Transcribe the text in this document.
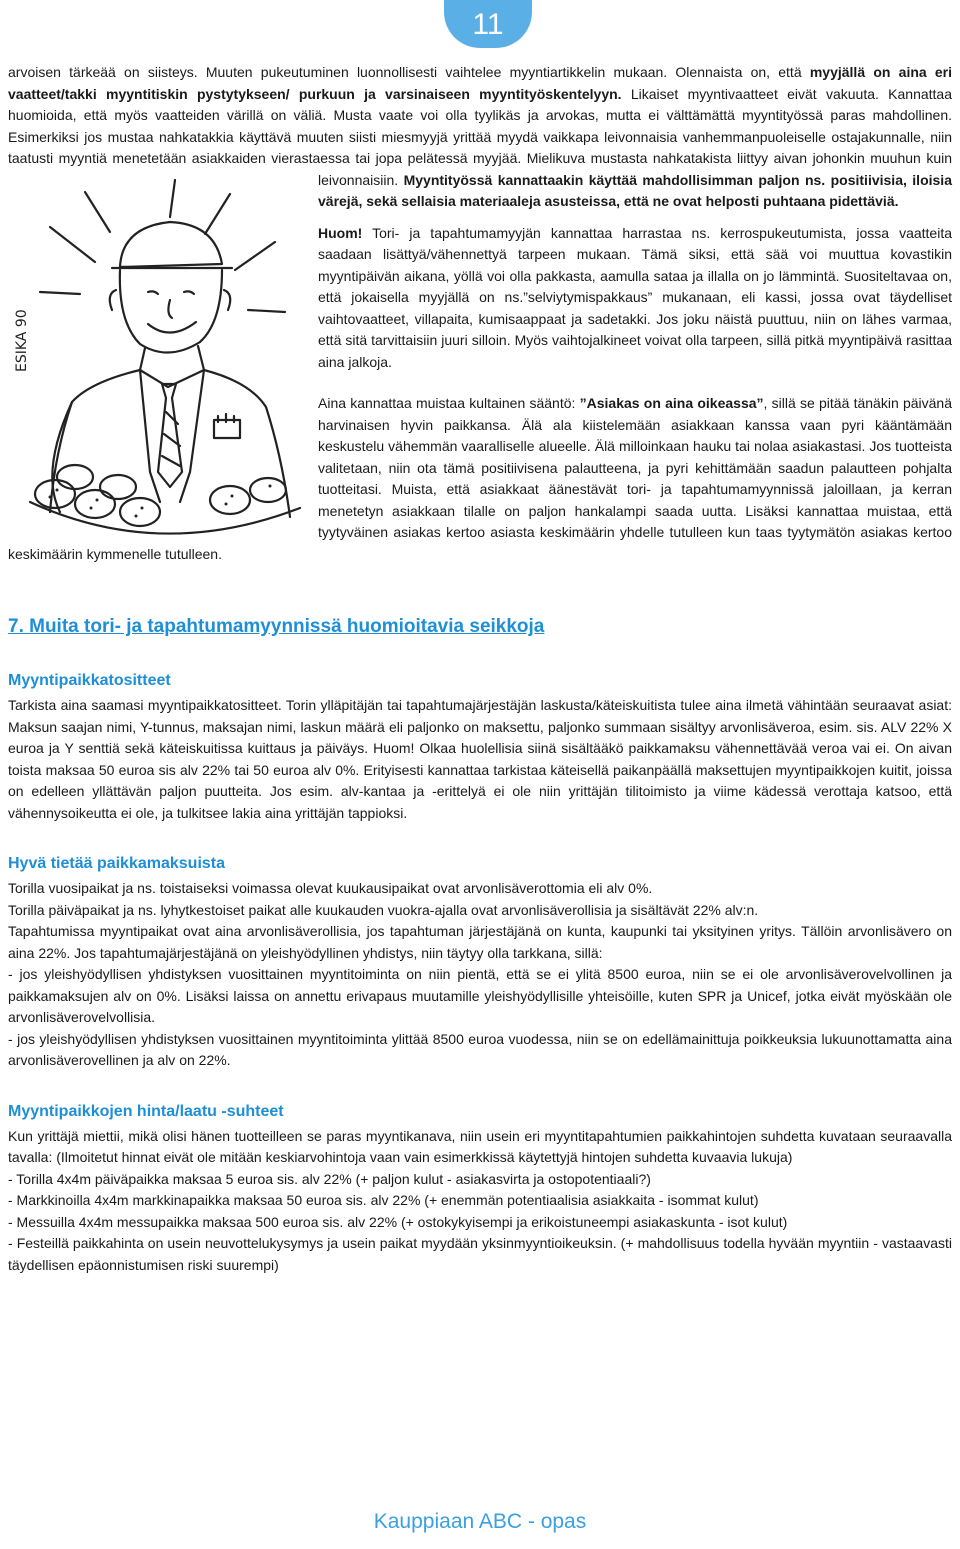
11

arvoisen tärkeää on siisteys. Muuten pukeutuminen luonnollisesti vaihtelee myyntiartikkelin mukaan. Olennaista on, että myyjällä on aina eri vaatteet/takki myyntitiskin pystytykseen/ purkuun ja varsinaiseen myyntityöskentelyyn. Likaiset myyntivaatteet eivät vakuuta. Kannattaa huomioida, että myös vaatteiden värillä on väliä. Musta vaate voi olla tyylikäs ja arvokas, mutta ei välttämättä myyntityössä paras mahdollinen. Esimerkiksi jos mustaa nahkatakkia käyttävä muuten siisti miesmyyjä yrittää myydä vaikkapa leivonnaisia vanhemmanpuoleiselle ostajakunnalle, niin taatusti myyntiä menetetään asiakkaiden vierastaessa tai jopa pelätessä myyjää. Mielikuva mustasta nahkatakista liittyy aivan johonkin muuhun kuin leivonnaisiin.
ESIKA 90
Myyntityössä kannattaakin käyttää mahdollisimman paljon ns. positiivisia, iloisia värejä, sekä sellaisia materiaaleja asusteissa, että ne ovat helposti puhtaana pidettäviä.

Huom! Tori- ja tapahtumamyyjän kannattaa harrastaa ns. kerrospukeutumista, jossa vaatteita saadaan lisättyä/vähennettyä tarpeen mukaan. Tämä siksi, että sää voi muuttua kovastikin myyntipäivän aikana, yöllä voi olla pakkasta, aamulla sataa ja illalla on jo lämmintä. Suositeltavaa on, että jokaisella myyjällä on ns.”selviytymispakkaus” mukanaan, eli kassi, jossa ovat täydelliset vaihtovaatteet, villapaita, kumisaappaat ja sadetakki. Jos joku näistä puuttuu, niin on lähes varmaa, että sitä tarvittaisiin juuri silloin. Myös vaihtojalkineet voivat olla tarpeen, sillä pitkä myyntipäivä rasittaa aina jalkoja.

Aina kannattaa muistaa kultainen sääntö: ”Asiakas on aina oikeassa”, sillä se pitää tänäkin päivänä harvinaisen hyvin paikkansa. Älä ala kiistelemään asiakkaan kanssa vaan pyri kääntämään keskustelu vähemmän vaaralliselle alueelle. Älä milloinkaan hauku tai nolaa asiakastasi. Jos tuotteista valitetaan, niin ota tämä positiivisena palautteena, ja pyri kehittämään saadun palautteen pohjalta tuotteitasi. Muista, että asiakkaat äänestävät tori- ja tapahtumamyynnissä jaloillaan, ja kerran menetetyn asiakkaan tilalle on paljon hankalampi saada uutta. Lisäksi kannattaa muistaa, että tyytyväinen asiakas kertoo asiasta keskimäärin yhdelle tutulleen kun taas tyytymätön asiakas kertoo keskimäärin kymmenelle tutulleen.

7. Muita tori- ja tapahtumamyynnissä huomioitavia seikkoja
Myyntipaikkatositteet

Tarkista aina saamasi myyntipaikkatositteet. Torin ylläpitäjän tai tapahtumajärjestäjän laskusta/käteiskuitista tulee aina ilmetä vähintään seuraavat asiat: Maksun saajan nimi, Y-tunnus, maksajan nimi, laskun määrä eli paljonko on maksettu, paljonko summaan sisältyy arvonlisäveroa, esim. sis. ALV 22% X euroa ja Y senttiä sekä käteiskuitissa kuittaus ja päiväys. Huom! Olkaa huolellisia siinä sisältääkö paikkamaksu vähennettävää veroa vai ei. On aivan toista maksaa 50 euroa sis alv 22% tai 50 euroa alv 0%. Erityisesti kannattaa tarkistaa käteisellä paikanpäällä maksettujen myyntipaikkojen kuitit, joissa on edelleen yllättävän paljon puutteita. Jos esim. alv-kantaa ja -erittelyä ei ole niin yrittäjän tilitoimisto ja viime kädessä verottaja katsoo, että vähennysoikeutta ei ole, ja tulkitsee lakia aina yrittäjän tappioksi.

Hyvä tietää paikkamaksuista

Torilla vuosipaikat ja ns. toistaiseksi voimassa olevat kuukausipaikat ovat arvonlisäverottomia eli alv 0%.

Torilla päiväpaikat ja ns. lyhytkestoiset paikat alle kuukauden vuokra-ajalla ovat arvonlisäverollisia ja sisältävät 22% alv:n.

Tapahtumissa myyntipaikat ovat aina arvonlisäverollisia, jos tapahtuman järjestäjänä on kunta, kaupunki tai yksityinen yritys. Tällöin arvonlisävero on aina 22%. Jos tapahtumajärjestäjänä on yleishyödyllinen yhdistys, niin täytyy olla tarkkana, sillä:

- jos yleishyödyllisen yhdistyksen vuosittainen myyntitoiminta on niin pientä, että se ei ylitä 8500 euroa, niin se ei ole arvonlisäverovelvollinen ja paikkamaksujen alv on 0%. Lisäksi laissa on annettu erivapaus muutamille yleishyödyllisille yhteisöille, kuten SPR ja Unicef, jotka eivät myöskään ole arvonlisäverovelvollisia.

- jos yleishyödyllisen yhdistyksen vuosittainen myyntitoiminta ylittää 8500 euroa vuodessa, niin se on edellämainittuja poikkeuksia lukuunottamatta aina arvonlisäverovellinen ja alv on 22%.

Myyntipaikkojen hinta/laatu -suhteet

Kun yrittäjä miettii, mikä olisi hänen tuotteilleen se paras myyntikanava, niin usein eri myyntitapahtumien paikkahintojen suhdetta kuvataan seuraavalla tavalla: (Ilmoitetut hinnat eivät ole mitään keskiarvohintoja vaan vain esimerkkissä käytettyjä hintojen suhdetta kuvaavia lukuja)

- Torilla 4x4m päiväpaikka maksaa 5 euroa sis. alv 22% (+ paljon kulut - asiakasvirta ja ostopotentiaali?)

- Markkinoilla 4x4m markkinapaikka maksaa 50 euroa sis. alv 22% (+ enemmän potentiaalisia asiakkaita - isommat kulut)

- Messuilla 4x4m messupaikka maksaa 500 euroa sis. alv 22% (+ ostokykyisempi ja erikoistuneempi asiakaskunta - isot kulut)

- Festeillä paikkahinta on usein neuvottelukysymys ja usein paikat myydään yksinmyyntioikeuksin. (+ mahdollisuus todella hyvään myyntiin - vastaavasti täydellisen epäonnistumisen riski suurempi)

Kauppiaan ABC - opas
